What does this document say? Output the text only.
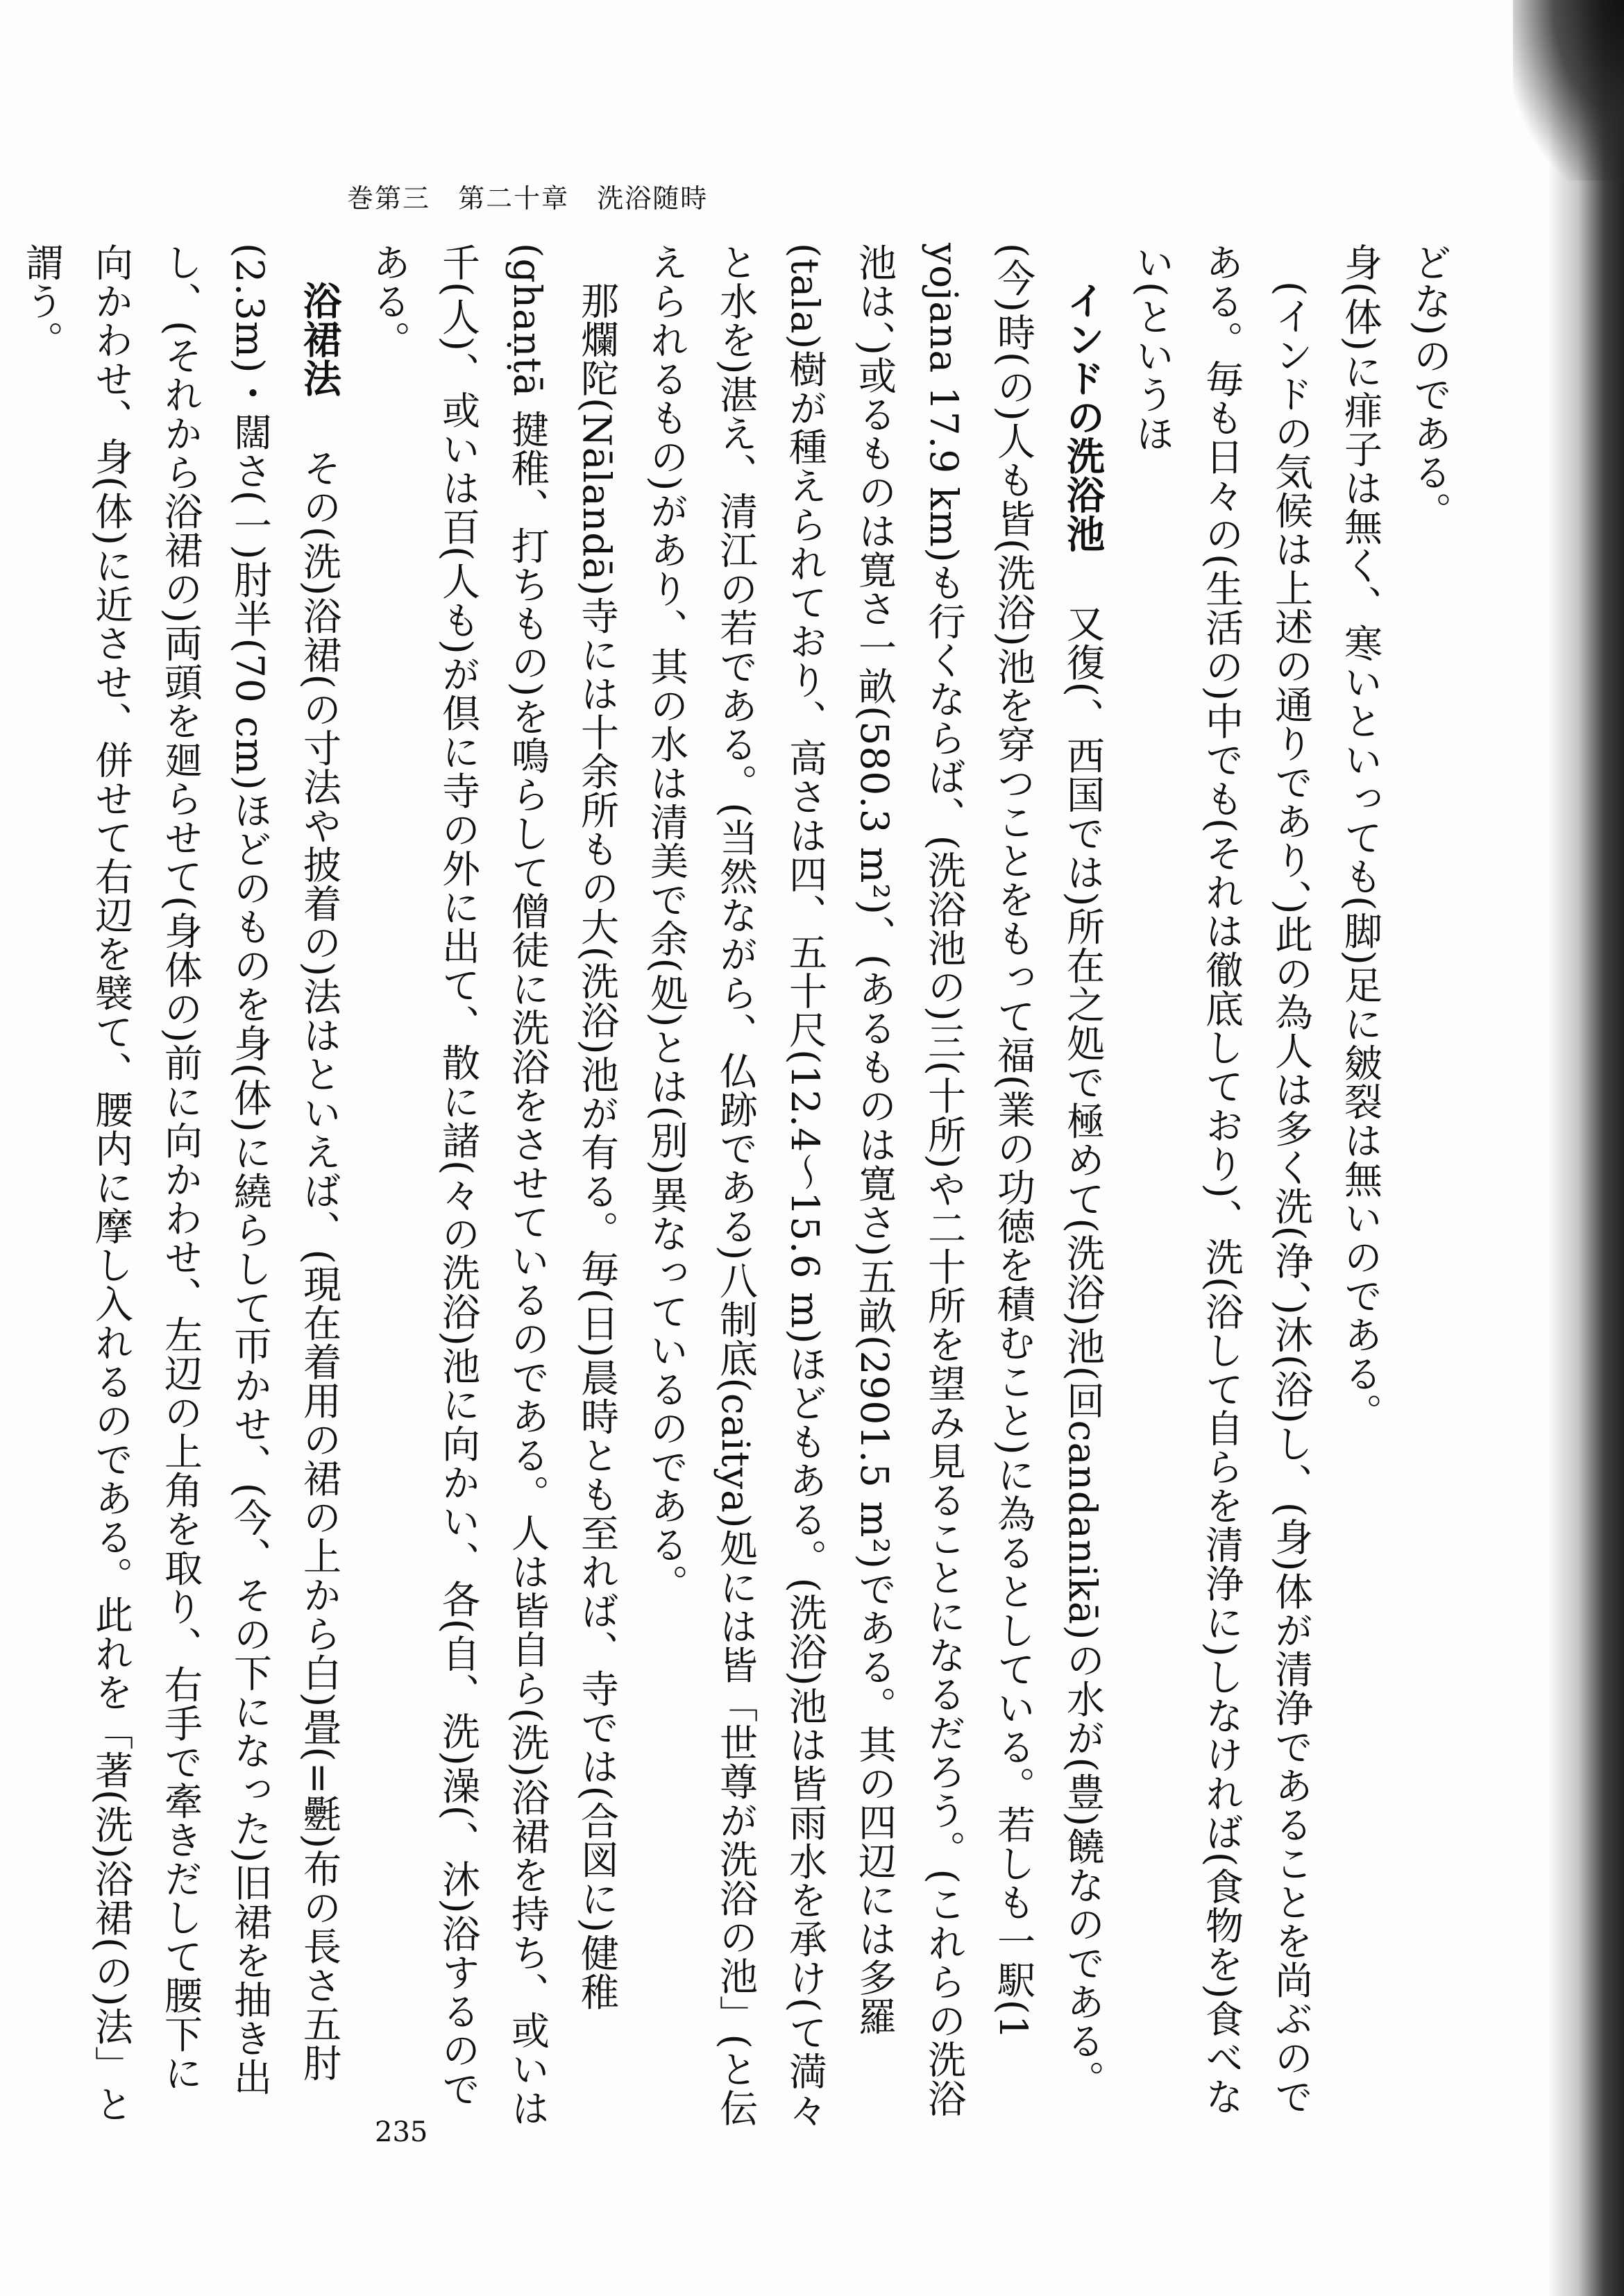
巻第三 第二十章 洗浴随時

どな)のである。

身(体)に痱子は無く、寒いといっても(脚)足に皴裂は無いのである。

(インドの気候は上述の通りであり、)此の為人は多く洗(浄、)沐(浴)し、(身)体が清浄であることを尚ぶのである。毎も日々の(生活の)中でも(それは徹底しており)、洗(浴して自らを清浄に)しなければ(食物を)食べない(というほ

インドの洗浴池 又復(、西国では)所在之処で極めて(洗浴)池(回candanikā)の水が(豊)饒なのである。(今)時(の)人も皆(洗浴)池を穿つことをもって福(業の功徳を積むこと)に為るとしている。若しも一駅(1 yojana 17.9 km)も行くならば、(洗浴池の)三(十所)や二十所を望み見ることになるだろう。(これらの洗浴池は、)或るものは寛さ一畝(580.3 m²)、(あるものは寛さ)五畝(2901.5 m²)である。其の四辺には多羅(tala)樹が種えられており、高さは四、五十尺(12.4～15.6 m)ほどもある。(洗浴)池は皆雨水を承け(て満々と水を)湛え、清江の若である。(当然ながら、仏跡である)八制底(caitya)処には皆「世尊が洗浴の池」(と伝えられるもの)があり、其の水は清美で余(処)とは(別)異なっているのである。

那爛陀(Nālandā)寺には十余所もの大(洗浴)池が有る。毎(日)晨時とも至れば、寺では(合図に)健稚(ghaṇṭā 揵稚、打ちもの)を鳴らして僧徒に洗浴をさせているのである。人は皆自ら(洗)浴裙を持ち、或いは千(人)、或いは百(人も)が倶に寺の外に出て、散に諸(々の洗浴)池に向かい、各(自、洗)澡(、沐)浴するのである。

浴裙法 その(洗)浴裙(の寸法や披着の)法はといえば、(現在着用の裙の上から白)畳(=氎)布の長さ五肘(2.3m)・闊さ(一)肘半(70 cm)ほどのものを身(体)に繞らして帀かせ、(今、その下になった)旧裙を抽き出し、(それから浴裙の)両頭を廻らせて(身体の)前に向かわせ、左辺の上角を取り、右手で牽きだして腰下に向かわせ、身(体)に近させ、併せて右辺を襞て、腰内に摩し入れるのである。此れを「著(洗)浴裙(の)法」と謂う。

235
